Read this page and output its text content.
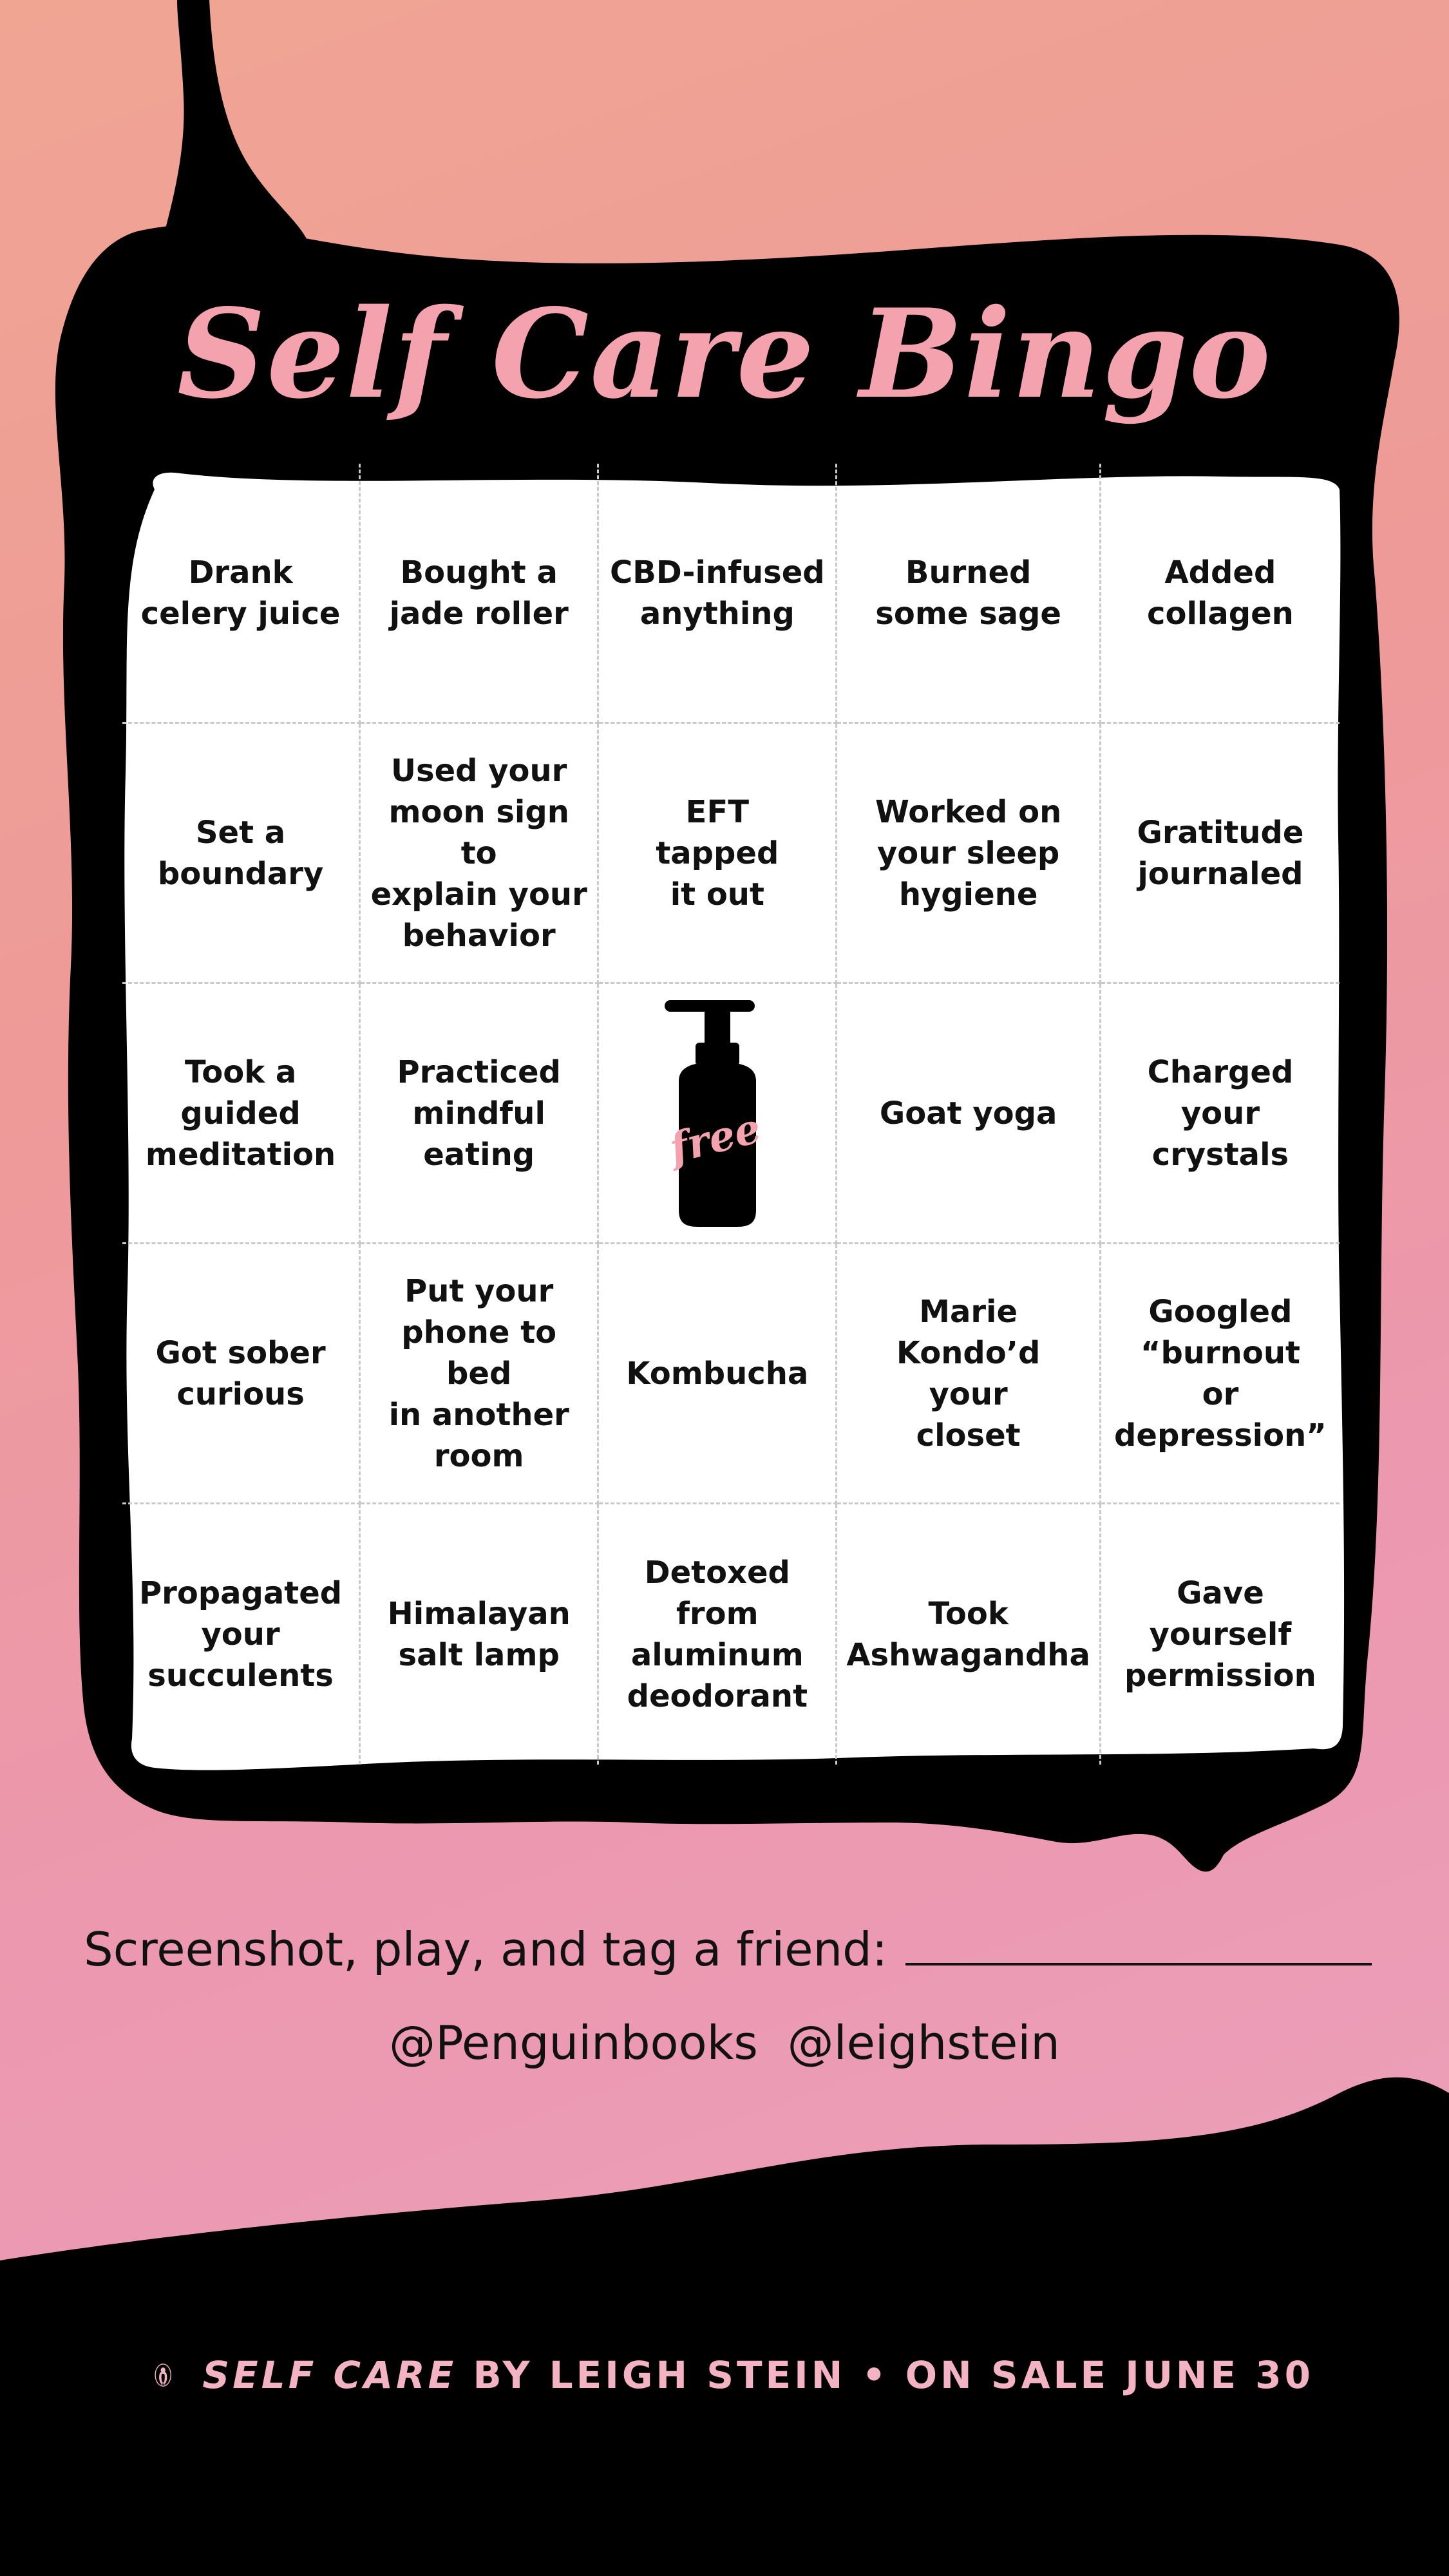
Self Care Bingo
Drank
celery juice
Bought a
jade roller
CBD-infused
anything
Burned
some sage
Added
collagen
Set a
boundary
Used your
moon sign to
explain your
behavior
EFT
tapped
it out
Worked on
your sleep
hygiene
Gratitude
journaled
Took a
guided
meditation
Practiced
mindful
eating	free	Goat yoga
Charged
your
crystals
Got sober
curious
Put your
phone to bed
in another
room
Kombucha
Marie
Kondo’d
your
closet
Googled
“burnout
or
depression”
Propagated
your
succulents
Himalayan
salt lamp
Detoxed from
aluminum
deodorant
Took
Ashwagandha
Gave yourself
permission
Screenshot, play, and tag a friend:
@Penguinbooks  @leighstein
SELF CARE BY LEIGH STEIN • ON SALE JUNE 30
